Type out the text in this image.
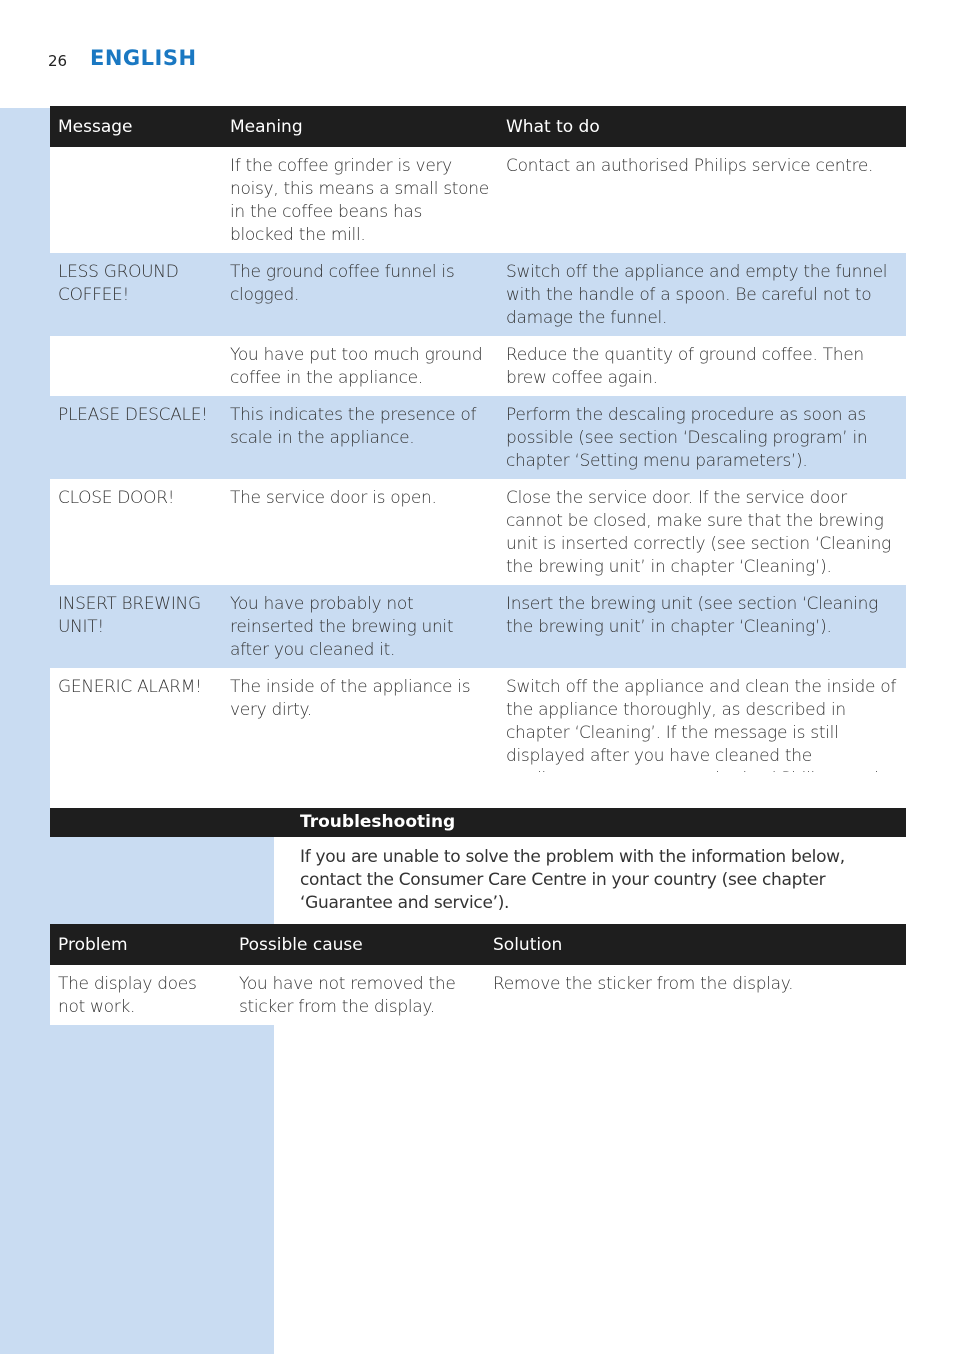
26 ENGLISH
Message	Meaning	What to do
	If the coffee grinder is very noisy, this means a small stone in the coffee beans has blocked the mill.	Contact an authorised Philips service centre.
LESS GROUND COFFEE!	The ground coffee funnel is clogged.	Switch off the appliance and empty the funnel with the handle of a spoon. Be careful not to damage the funnel.
	You have put too much ground coffee in the appliance.	Reduce the quantity of ground coffee. Then brew coffee again.
PLEASE DESCALE!	This indicates the presence of scale in the appliance.	Perform the descaling procedure as soon as possible (see section ‘Descaling program’ in chapter ‘Setting menu parameters’).
CLOSE DOOR!	The service door is open.	Close the service door. If the service door cannot be closed, make sure that the brewing unit is inserted correctly (see section ‘Cleaning the brewing unit’ in chapter ‘Cleaning’).
INSERT BREWING UNIT!	You have probably not reinserted the brewing unit after you cleaned it.	Insert the brewing unit (see section ‘Cleaning the brewing unit’ in chapter ‘Cleaning’).
GENERIC ALARM!	The inside of the appliance is very dirty.	Switch off the appliance and clean the inside of the appliance thoroughly, as described in chapter ‘Cleaning’. If the message is still displayed after you have cleaned the
Troubleshooting
If you are unable to solve the problem with the information below, contact the Consumer Care Centre in your country (see chapter ‘Guarantee and service’).
Problem	Possible cause	Solution
The display does not work.	You have not removed the sticker from the display.	Remove the sticker from the display.
